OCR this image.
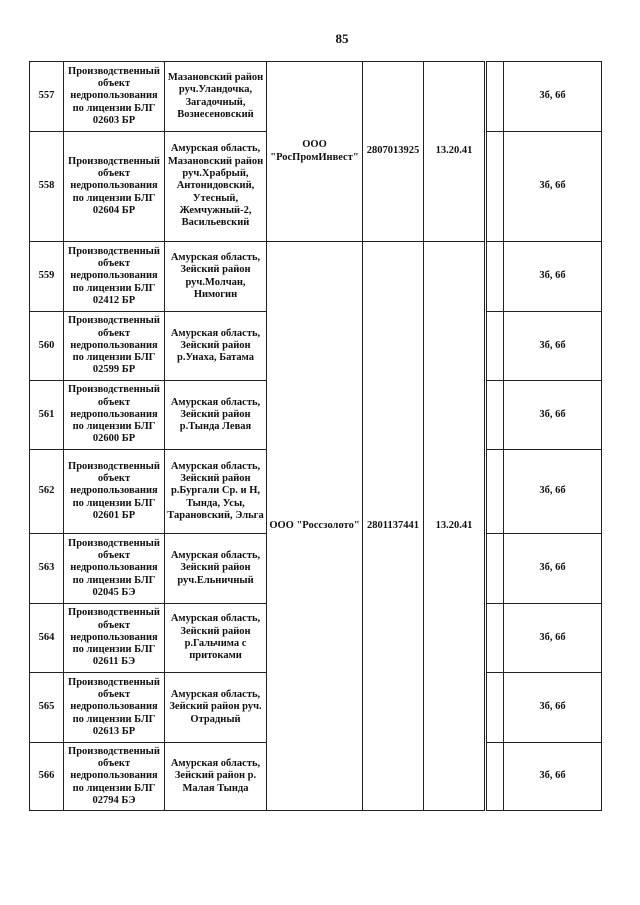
85
557	Производственный объект недропользования по лицензии БЛГ 02603 БР	Мазановский район руч.Уландочка, Загадочный, Вознесеновский	ООО "РосПромИнвест"	2807013925	13.20.41		3б, 6б
558	Производственный объект недропользования по лицензии БЛГ 02604 БР	Амурская область, Мазановский район руч.Храбрый, Антонидовский, Утесный, Жемчужный-2, Васильевский					3б, 6б
559	Производственный объект недропользования по лицензии БЛГ 02412 БР	Амурская область, Зейский район руч.Молчан, Нимогин	ООО "Россзолото"	2801137441	13.20.41		3б, 6б
560	Производственный объект недропользования по лицензии БЛГ 02599 БР	Амурская область, Зейский район р.Унаха, Батама					3б, 6б
561	Производственный объект недропользования по лицензии БЛГ 02600 БР	Амурская область, Зейский район р.Тында Левая					3б, 6б
562	Производственный объект недропользования по лицензии БЛГ 02601 БР	Амурская область, Зейский район р.Бургали Ср. и Н, Тында, Усы, Тарановский, Эльга					3б, 6б
563	Производственный объект недропользования по лицензии БЛГ 02045 БЭ	Амурская область, Зейский район руч.Ельничный					3б, 6б
564	Производственный объект недропользования по лицензии БЛГ 02611 БЭ	Амурская область, Зейский район р.Гальчима с притоками					3б, 6б
565	Производственный объект недропользования по лицензии БЛГ 02613 БР	Амурская область, Зейский район руч. Отрадный					3б, 6б
566	Производственный объект недропользования по лицензии БЛГ 02794 БЭ	Амурская область, Зейский район р. Малая Тында					3б, 6б
